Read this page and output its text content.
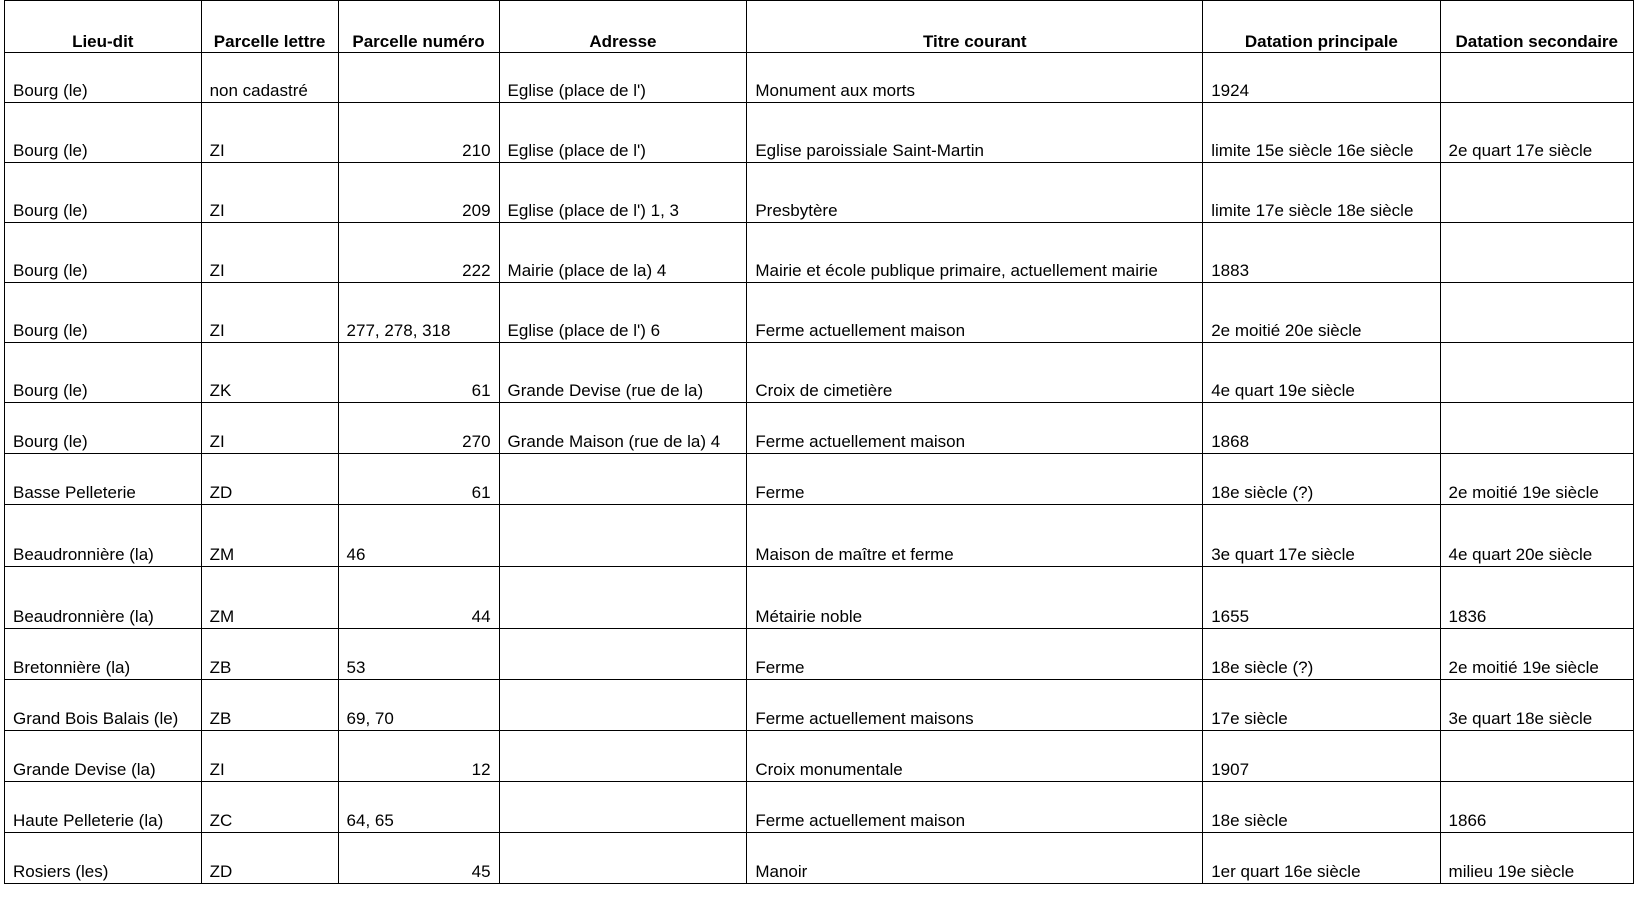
Lieu-dit	Parcelle lettre	Parcelle numéro	Adresse	Titre courant	Datation principale	Datation secondaire
Bourg (le)	non cadastré		Eglise (place de l')	Monument aux morts	1924	
Bourg (le)	ZI	210	Eglise (place de l')	Eglise paroissiale Saint-Martin	limite 15e siècle 16e siècle	2e quart 17e siècle
Bourg (le)	ZI	209	Eglise (place de l') 1, 3	Presbytère	limite 17e siècle 18e siècle	
Bourg (le)	ZI	222	Mairie (place de la) 4	Mairie et école publique primaire, actuellement mairie	1883	
Bourg (le)	ZI	277, 278, 318	Eglise (place de l') 6	Ferme actuellement maison	2e moitié 20e siècle	
Bourg (le)	ZK	61	Grande Devise (rue de la)	Croix de cimetière	4e quart 19e siècle	
Bourg (le)	ZI	270	Grande Maison (rue de la) 4	Ferme actuellement maison	1868	
Basse Pelleterie	ZD	61		Ferme	18e siècle (?)	2e moitié 19e siècle
Beaudronnière (la)	ZM	46		Maison de maître et ferme	3e quart 17e siècle	4e quart 20e siècle
Beaudronnière (la)	ZM	44		Métairie noble	1655	1836
Bretonnière (la)	ZB	53		Ferme	18e siècle (?)	2e moitié 19e siècle
Grand Bois Balais (le)	ZB	69, 70		Ferme actuellement maisons	17e siècle	3e quart 18e siècle
Grande Devise (la)	ZI	12		Croix monumentale	1907	
Haute Pelleterie (la)	ZC	64, 65		Ferme actuellement maison	18e siècle	1866
Rosiers (les)	ZD	45		Manoir	1er quart 16e siècle	milieu 19e siècle
